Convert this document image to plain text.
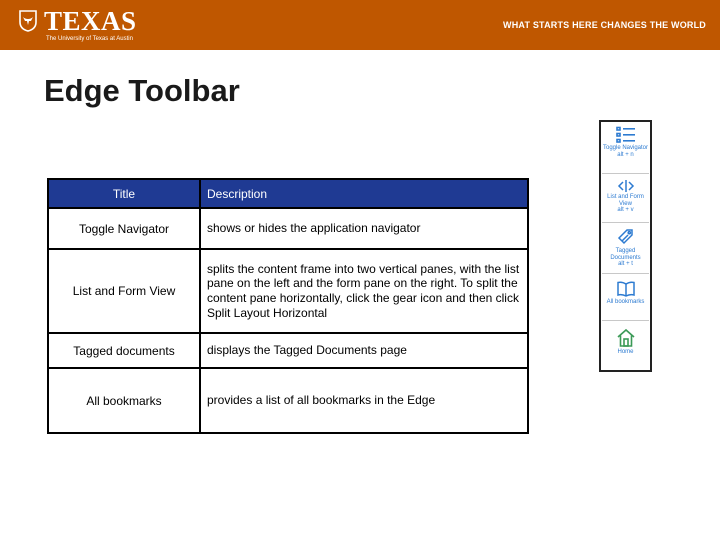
TEXAS
The University of Texas at Austin
WHAT STARTS HERE CHANGES THE WORLD
Edge Toolbar
Title	Description
Toggle Navigator	shows or hides the application navigator
List and Form View	splits the content frame into two vertical panes, with the list pane on the left and the form pane on the right. To split the content pane horizontally, click the gear icon and then click Split Layout Horizontal
Tagged documents	displays the Tagged Documents page
All bookmarks	provides a list of all bookmarks in the Edge
Toggle Navigator
alt + n
List and Form View
alt + v
Tagged Documents
alt + t
All bookmarks
Home
